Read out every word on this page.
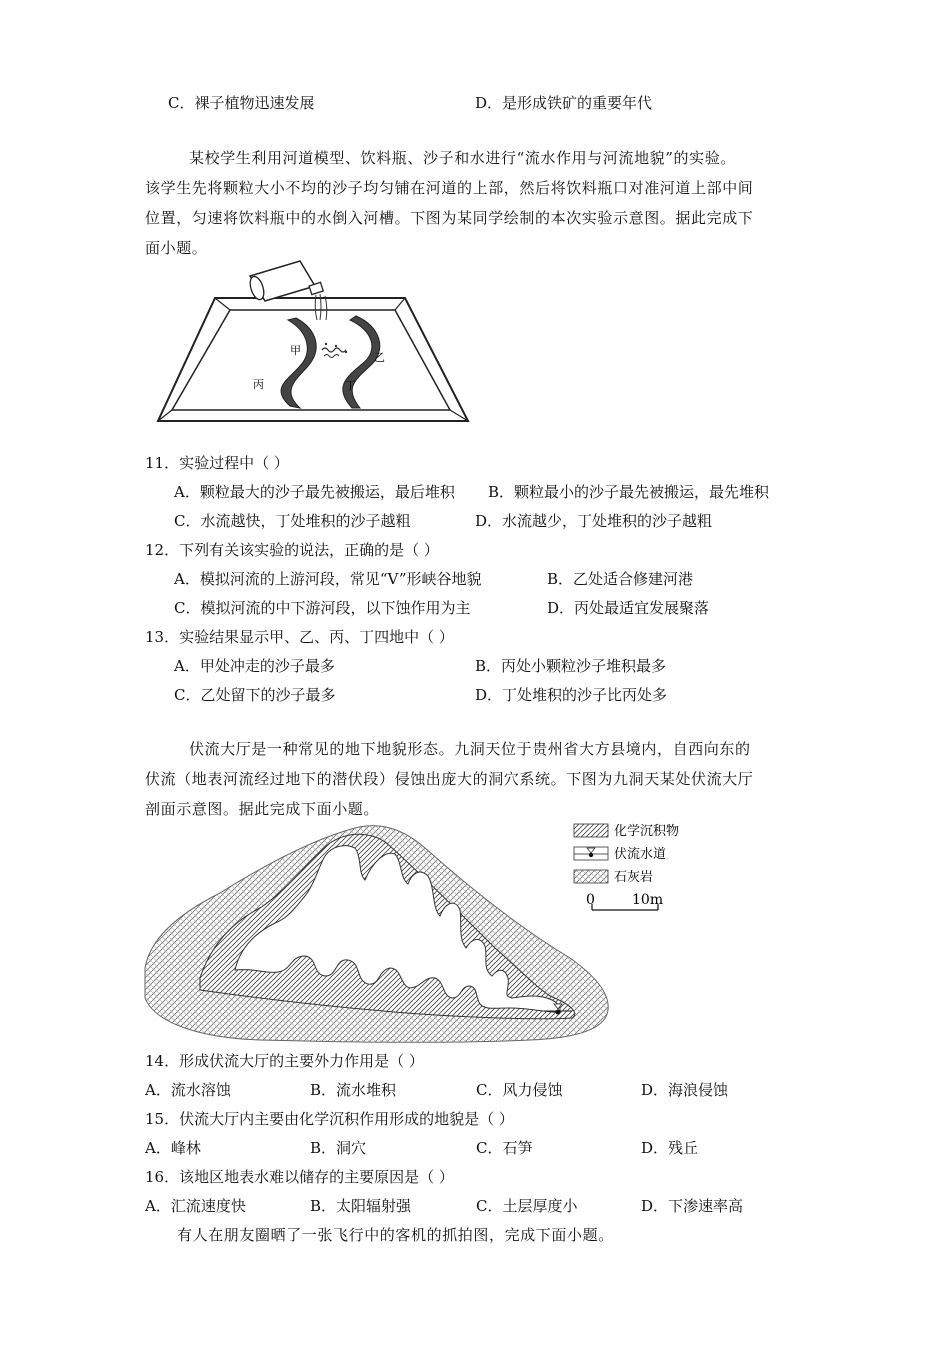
C．裸子植物迅速发展	D．是形成铁矿的重要年代
某校学生利用河道模型、饮料瓶、沙子和水进行“流水作用与河流地貌”的实验。
该学生先将颗粒大小不均的沙子均匀铺在河道的上部，然后将饮料瓶口对准河道上部中间
位置，匀速将饮料瓶中的水倒入河槽。下图为某同学绘制的本次实验示意图。据此完成下
面小题。
甲
乙
丙	丁
11．实验过程中（ ）
A．颗粒最大的沙子最先被搬运，最后堆积 B．颗粒最小的沙子最先被搬运，最先堆积
C．水流越快，丁处堆积的沙子越粗	D．水流越少，丁处堆积的沙子越粗
12．下列有关该实验的说法，正确的是（ ）
A．模拟河流的上游河段，常见“V”形峡谷地貌	B．乙处适合修建河港
C．模拟河流的中下游河段，以下蚀作用为主	D．丙处最适宜发展聚落
13．实验结果显示甲、乙、丙、丁四地中（ ）
A．甲处冲走的沙子最多	B．丙处小颗粒沙子堆积最多
C．乙处留下的沙子最多	D．丁处堆积的沙子比丙处多
伏流大厅是一种常见的地下地貌形态。九洞天位于贵州省大方县境内，自西向东的
伏流（地表河流经过地下的潜伏段）侵蚀出庞大的洞穴系统。下图为九洞天某处伏流大厅
剖面示意图。据此完成下面小题。
化学沉积物
伏流水道
石灰岩
0	10m
14．形成伏流大厅的主要外力作用是（ ）
A．流水溶蚀	B．流水堆积	C．风力侵蚀	D．海浪侵蚀
15．伏流大厅内主要由化学沉积作用形成的地貌是（ ）
A．峰林	B．洞穴	C．石笋	D．残丘
16．该地区地表水难以储存的主要原因是（ ）
A．汇流速度快	B．太阳辐射强	C．土层厚度小	D．下渗速率高
有人在朋友圈晒了一张飞行中的客机的抓拍图，完成下面小题。
